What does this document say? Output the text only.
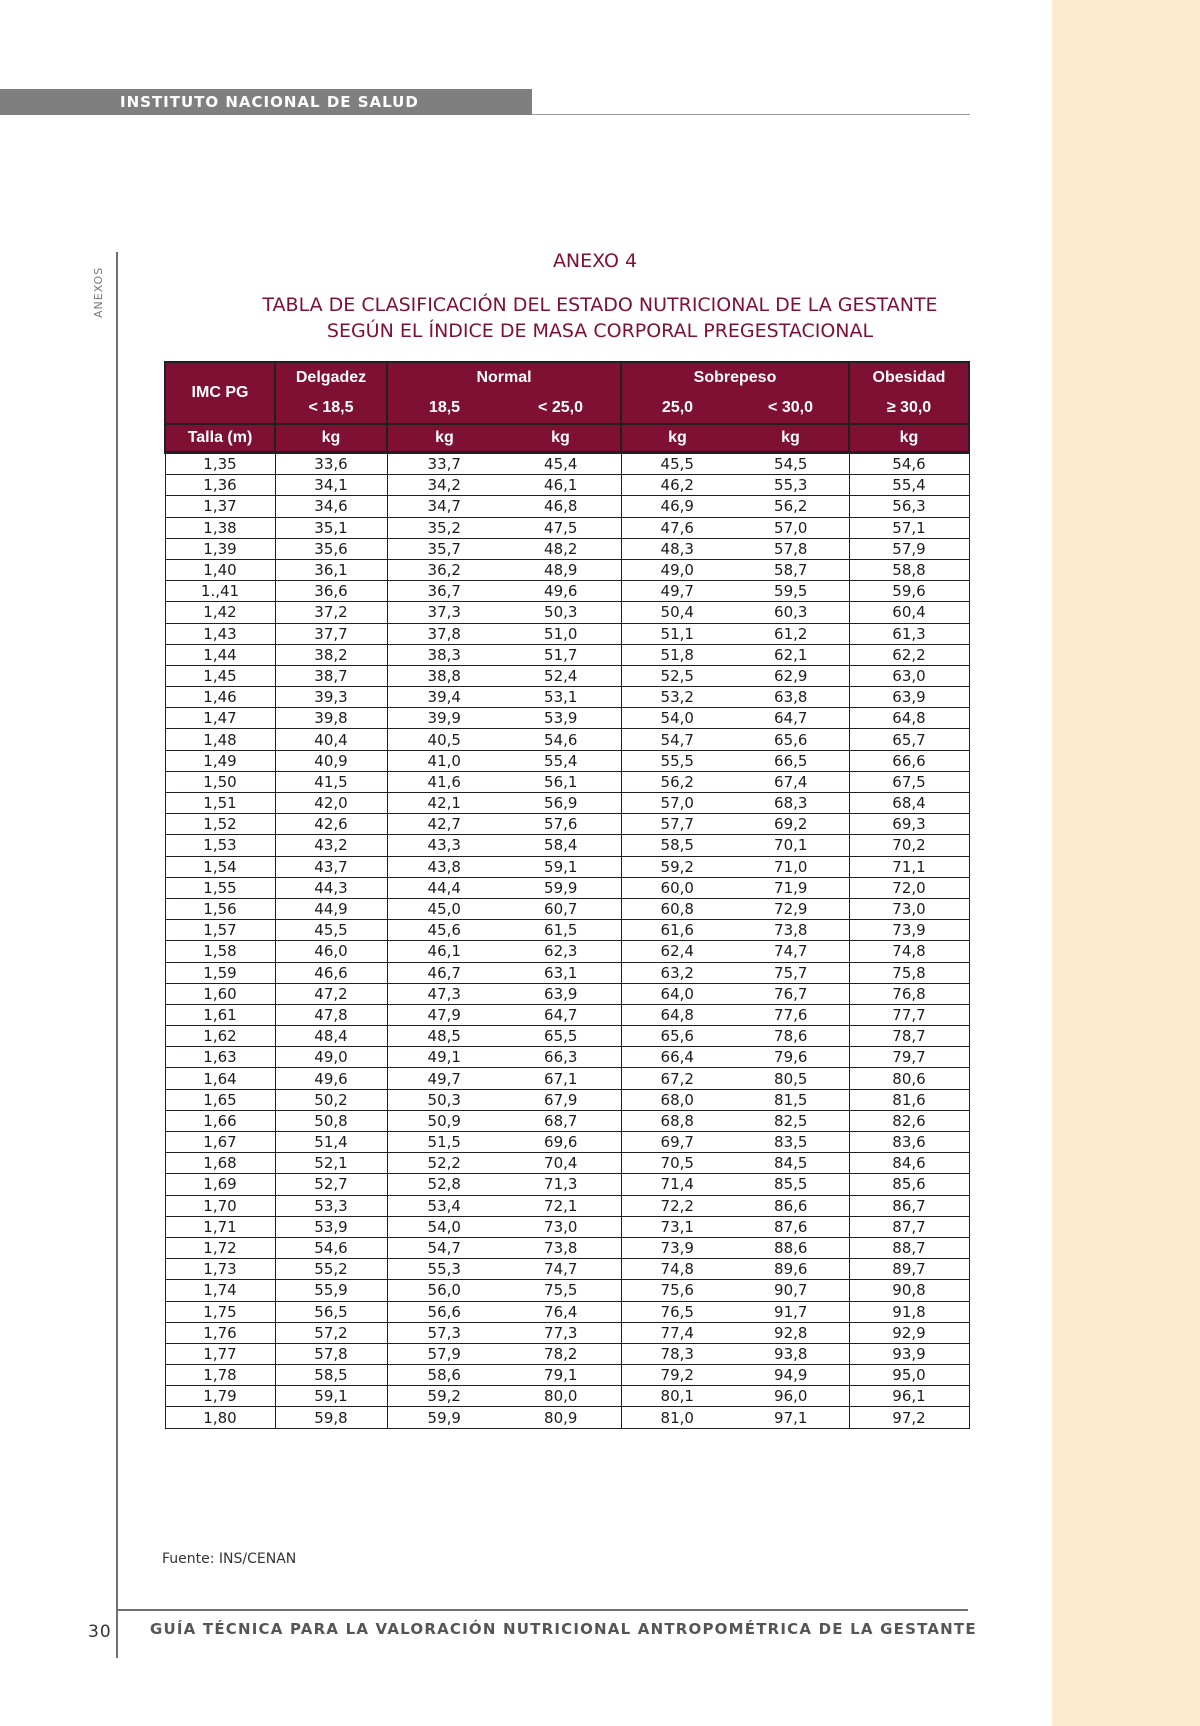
INSTITUTO NACIONAL DE SALUD
ANEXOS
ANEXO 4
TABLA DE CLASIFICACIÓN DEL ESTADO NUTRICIONAL DE LA GESTANTE
SEGÚN EL ÍNDICE DE MASA CORPORAL PREGESTACIONAL
IMC PG	Delgadez	Normal		Sobrepeso		Obesidad
	< 18,5	18,5	< 25,0	25,0	< 30,0	≥ 30,0
Talla (m)	kg	kg	kg	kg	kg	kg
1,35	33,6	33,7	45,4	45,5	54,5	54,6
1,36	34,1	34,2	46,1	46,2	55,3	55,4
1,37	34,6	34,7	46,8	46,9	56,2	56,3
1,38	35,1	35,2	47,5	47,6	57,0	57,1
1,39	35,6	35,7	48,2	48,3	57,8	57,9
1,40	36,1	36,2	48,9	49,0	58,7	58,8
1.,41	36,6	36,7	49,6	49,7	59,5	59,6
1,42	37,2	37,3	50,3	50,4	60,3	60,4
1,43	37,7	37,8	51,0	51,1	61,2	61,3
1,44	38,2	38,3	51,7	51,8	62,1	62,2
1,45	38,7	38,8	52,4	52,5	62,9	63,0
1,46	39,3	39,4	53,1	53,2	63,8	63,9
1,47	39,8	39,9	53,9	54,0	64,7	64,8
1,48	40,4	40,5	54,6	54,7	65,6	65,7
1,49	40,9	41,0	55,4	55,5	66,5	66,6
1,50	41,5	41,6	56,1	56,2	67,4	67,5
1,51	42,0	42,1	56,9	57,0	68,3	68,4
1,52	42,6	42,7	57,6	57,7	69,2	69,3
1,53	43,2	43,3	58,4	58,5	70,1	70,2
1,54	43,7	43,8	59,1	59,2	71,0	71,1
1,55	44,3	44,4	59,9	60,0	71,9	72,0
1,56	44,9	45,0	60,7	60,8	72,9	73,0
1,57	45,5	45,6	61,5	61,6	73,8	73,9
1,58	46,0	46,1	62,3	62,4	74,7	74,8
1,59	46,6	46,7	63,1	63,2	75,7	75,8
1,60	47,2	47,3	63,9	64,0	76,7	76,8
1,61	47,8	47,9	64,7	64,8	77,6	77,7
1,62	48,4	48,5	65,5	65,6	78,6	78,7
1,63	49,0	49,1	66,3	66,4	79,6	79,7
1,64	49,6	49,7	67,1	67,2	80,5	80,6
1,65	50,2	50,3	67,9	68,0	81,5	81,6
1,66	50,8	50,9	68,7	68,8	82,5	82,6
1,67	51,4	51,5	69,6	69,7	83,5	83,6
1,68	52,1	52,2	70,4	70,5	84,5	84,6
1,69	52,7	52,8	71,3	71,4	85,5	85,6
1,70	53,3	53,4	72,1	72,2	86,6	86,7
1,71	53,9	54,0	73,0	73,1	87,6	87,7
1,72	54,6	54,7	73,8	73,9	88,6	88,7
1,73	55,2	55,3	74,7	74,8	89,6	89,7
1,74	55,9	56,0	75,5	75,6	90,7	90,8
1,75	56,5	56,6	76,4	76,5	91,7	91,8
1,76	57,2	57,3	77,3	77,4	92,8	92,9
1,77	57,8	57,9	78,2	78,3	93,8	93,9
1,78	58,5	58,6	79,1	79,2	94,9	95,0
1,79	59,1	59,2	80,0	80,1	96,0	96,1
1,80	59,8	59,9	80,9	81,0	97,1	97,2
Fuente: INS/CENAN
30	GUÍA TÉCNICA PARA LA VALORACIÓN NUTRICIONAL ANTROPOMÉTRICA DE LA GESTANTE
